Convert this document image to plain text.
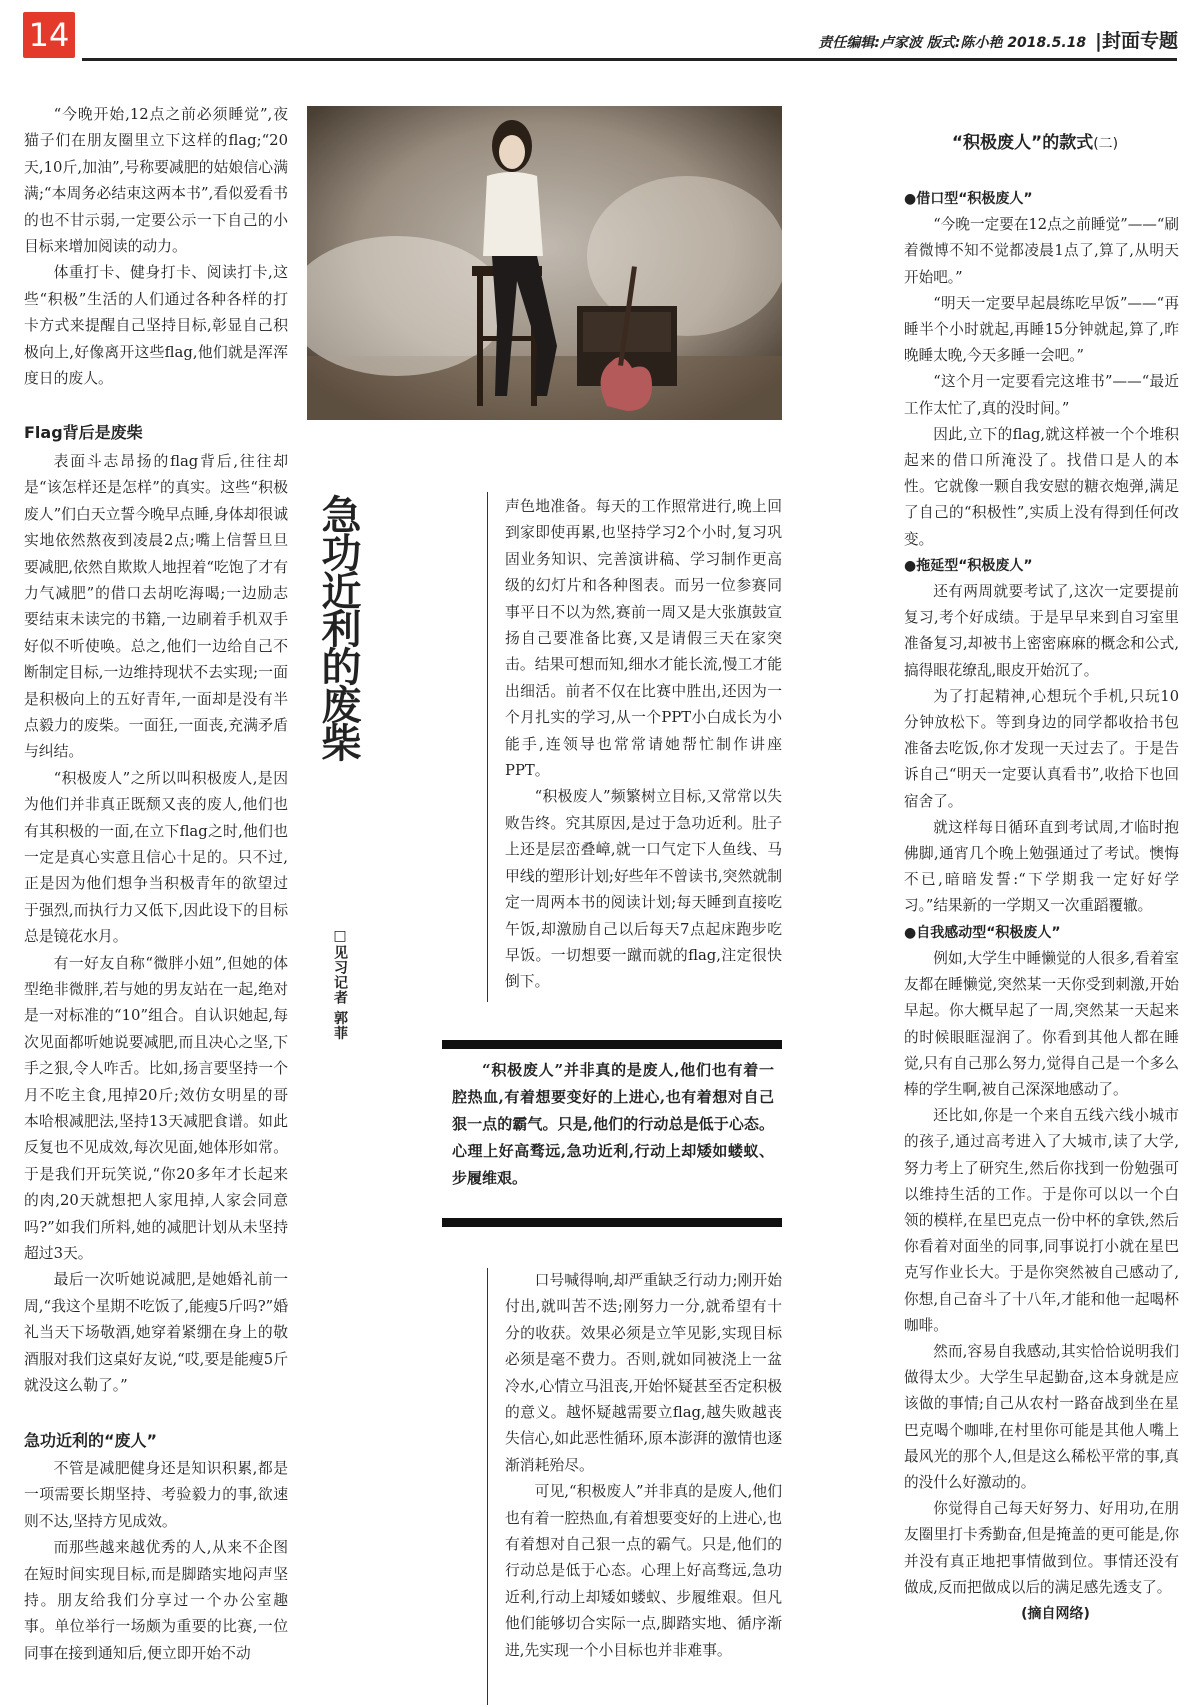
14	责任编辑:卢家波 版式:陈小艳 2018.5.18 |封面专题

“今晚开始,12点之前必须睡觉”,夜猫子们在朋友圈里立下这样的flag;“20天,10斤,加油”,号称要减肥的姑娘信心满满;“本周务必结束这两本书”,看似爱看书的也不甘示弱,一定要公示一下自己的小目标来增加阅读的动力。

体重打卡、健身打卡、阅读打卡,这些“积极”生活的人们通过各种各样的打卡方式来提醒自己坚持目标,彰显自己积极向上,好像离开这些flag,他们就是浑浑度日的废人。

Flag背后是废柴

表面斗志昂扬的flag背后,往往却是“该怎样还是怎样”的真实。这些“积极废人”们白天立誓今晚早点睡,身体却很诚实地依然熬夜到凌晨2点;嘴上信誓旦旦要减肥,依然自欺欺人地捏着“吃饱了才有力气减肥”的借口去胡吃海喝;一边励志要结束未读完的书籍,一边刷着手机双手好似不听使唤。总之,他们一边给自己不断制定目标,一边维持现状不去实现;一面是积极向上的五好青年,一面却是没有半点毅力的废柴。一面狂,一面丧,充满矛盾与纠结。

“积极废人”之所以叫积极废人,是因为他们并非真正既颓又丧的废人,他们也有其积极的一面,在立下flag之时,他们也一定是真心实意且信心十足的。只不过,正是因为他们想争当积极青年的欲望过于强烈,而执行力又低下,因此设下的目标总是镜花水月。

有一好友自称“微胖小妞”,但她的体型绝非微胖,若与她的男友站在一起,绝对是一对标准的“10”组合。自认识她起,每次见面都听她说要减肥,而且决心之坚,下手之狠,令人咋舌。比如,扬言要坚持一个月不吃主食,甩掉20斤;效仿女明星的哥本哈根减肥法,坚持13天减肥食谱。如此反复也不见成效,每次见面,她体形如常。于是我们开玩笑说,“你20多年才长起来的肉,20天就想把人家甩掉,人家会同意吗?”如我们所料,她的减肥计划从未坚持超过3天。

最后一次听她说减肥,是她婚礼前一周,“我这个星期不吃饭了,能瘦5斤吗?”婚礼当天下场敬酒,她穿着紧绷在身上的敬酒服对我们这桌好友说,“哎,要是能瘦5斤就没这么勒了。”

急功近利的“废人”

不管是减肥健身还是知识积累,都是一项需要长期坚持、考验毅力的事,欲速则不达,坚持方见成效。

而那些越来越优秀的人,从来不企图在短时间实现目标,而是脚踏实地闷声坚持。朋友给我们分享过一个办公室趣事。单位举行一场颇为重要的比赛,一位同事在接到通知后,便立即开始不动

急功近利的废柴
□见习记者 郭菲

声色地准备。每天的工作照常进行,晚上回到家即使再累,也坚持学习2个小时,复习巩固业务知识、完善演讲稿、学习制作更高级的幻灯片和各种图表。而另一位参赛同事平日不以为然,赛前一周又是大张旗鼓宣扬自己要准备比赛,又是请假三天在家突击。结果可想而知,细水才能长流,慢工才能出细活。前者不仅在比赛中胜出,还因为一个月扎实的学习,从一个PPT小白成长为小能手,连领导也常常请她帮忙制作讲座PPT。

“积极废人”频繁树立目标,又常常以失败告终。究其原因,是过于急功近利。肚子上还是层峦叠嶂,就一口气定下人鱼线、马甲线的塑形计划;好些年不曾读书,突然就制定一周两本书的阅读计划;每天睡到直接吃午饭,却激励自己以后每天7点起床跑步吃早饭。一切想要一蹴而就的flag,注定很快倒下。

“积极废人”并非真的是废人,他们也有着一腔热血,有着想要变好的上进心,也有着想对自己狠一点的霸气。只是,他们的行动总是低于心态。心理上好高骛远,急功近利,行动上却矮如蝼蚁、步履维艰。

口号喊得响,却严重缺乏行动力;刚开始付出,就叫苦不迭;刚努力一分,就希望有十分的收获。效果必须是立竿见影,实现目标必须是毫不费力。否则,就如同被浇上一盆冷水,心情立马沮丧,开始怀疑甚至否定积极的意义。越怀疑越需要立flag,越失败越丧失信心,如此恶性循环,原本澎湃的激情也逐渐消耗殆尽。

可见,“积极废人”并非真的是废人,他们也有着一腔热血,有着想要变好的上进心,也有着想对自己狠一点的霸气。只是,他们的行动总是低于心态。心理上好高骛远,急功近利,行动上却矮如蝼蚁、步履维艰。但凡他们能够切合实际一点,脚踏实地、循序渐进,先实现一个小目标也并非难事。

“积极废人”的款式(二)

●借口型“积极废人”

“今晚一定要在12点之前睡觉”——“刷着微博不知不觉都凌晨1点了,算了,从明天开始吧。”

“明天一定要早起晨练吃早饭”——“再睡半个小时就起,再睡15分钟就起,算了,昨晚睡太晚,今天多睡一会吧。”

“这个月一定要看完这堆书”——“最近工作太忙了,真的没时间。”

因此,立下的flag,就这样被一个个堆积起来的借口所淹没了。找借口是人的本性。它就像一颗自我安慰的糖衣炮弹,满足了自己的“积极性”,实质上没有得到任何改变。

●拖延型“积极废人”

还有两周就要考试了,这次一定要提前复习,考个好成绩。于是早早来到自习室里准备复习,却被书上密密麻麻的概念和公式,搞得眼花缭乱,眼皮开始沉了。

为了打起精神,心想玩个手机,只玩10分钟放松下。等到身边的同学都收拾书包准备去吃饭,你才发现一天过去了。于是告诉自己“明天一定要认真看书”,收拾下也回宿舍了。

就这样每日循环直到考试周,才临时抱佛脚,通宵几个晚上勉强通过了考试。懊悔不已,暗暗发誓:“下学期我一定好好学习。”结果新的一学期又一次重蹈覆辙。

●自我感动型“积极废人”

例如,大学生中睡懒觉的人很多,看着室友都在睡懒觉,突然某一天你受到刺激,开始早起。你大概早起了一周,突然某一天起来的时候眼眶湿润了。你看到其他人都在睡觉,只有自己那么努力,觉得自己是一个多么棒的学生啊,被自己深深地感动了。

还比如,你是一个来自五线六线小城市的孩子,通过高考进入了大城市,读了大学,努力考上了研究生,然后你找到一份勉强可以维持生活的工作。于是你可以以一个白领的模样,在星巴克点一份中杯的拿铁,然后你看着对面坐的同事,同事说打小就在星巴克写作业长大。于是你突然被自己感动了,你想,自己奋斗了十八年,才能和他一起喝杯咖啡。

然而,容易自我感动,其实恰恰说明我们做得太少。大学生早起勤奋,这本身就是应该做的事情;自己从农村一路奋战到坐在星巴克喝个咖啡,在村里你可能是其他人嘴上最风光的那个人,但是这么稀松平常的事,真的没什么好激动的。

你觉得自己每天好努力、好用功,在朋友圈里打卡秀勤奋,但是掩盖的更可能是,你并没有真正地把事情做到位。事情还没有做成,反而把做成以后的满足感先透支了。

(摘自网络)
